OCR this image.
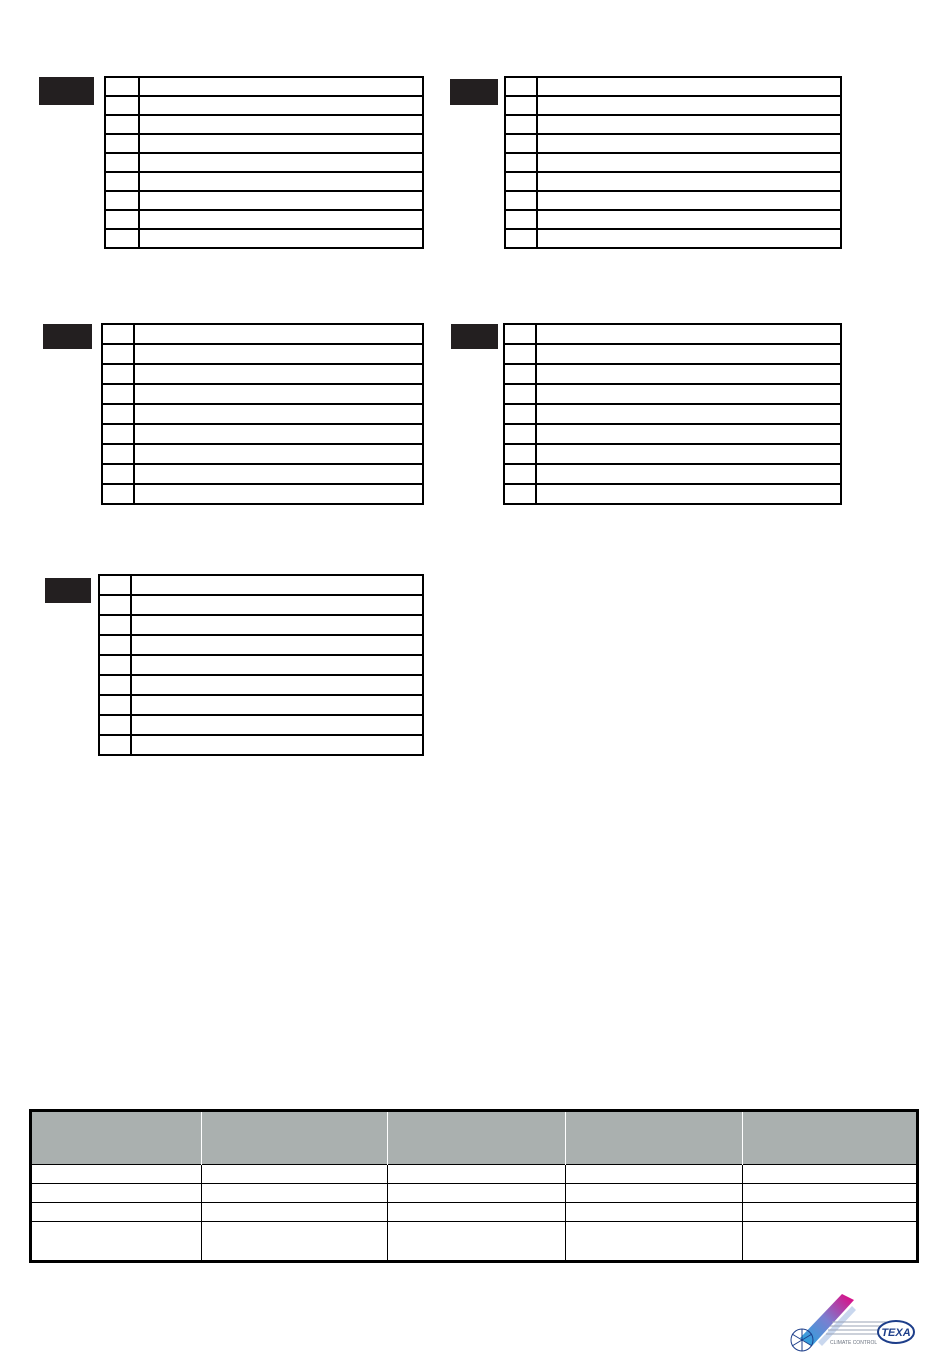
TEXA
CLIMATE CONTROL
